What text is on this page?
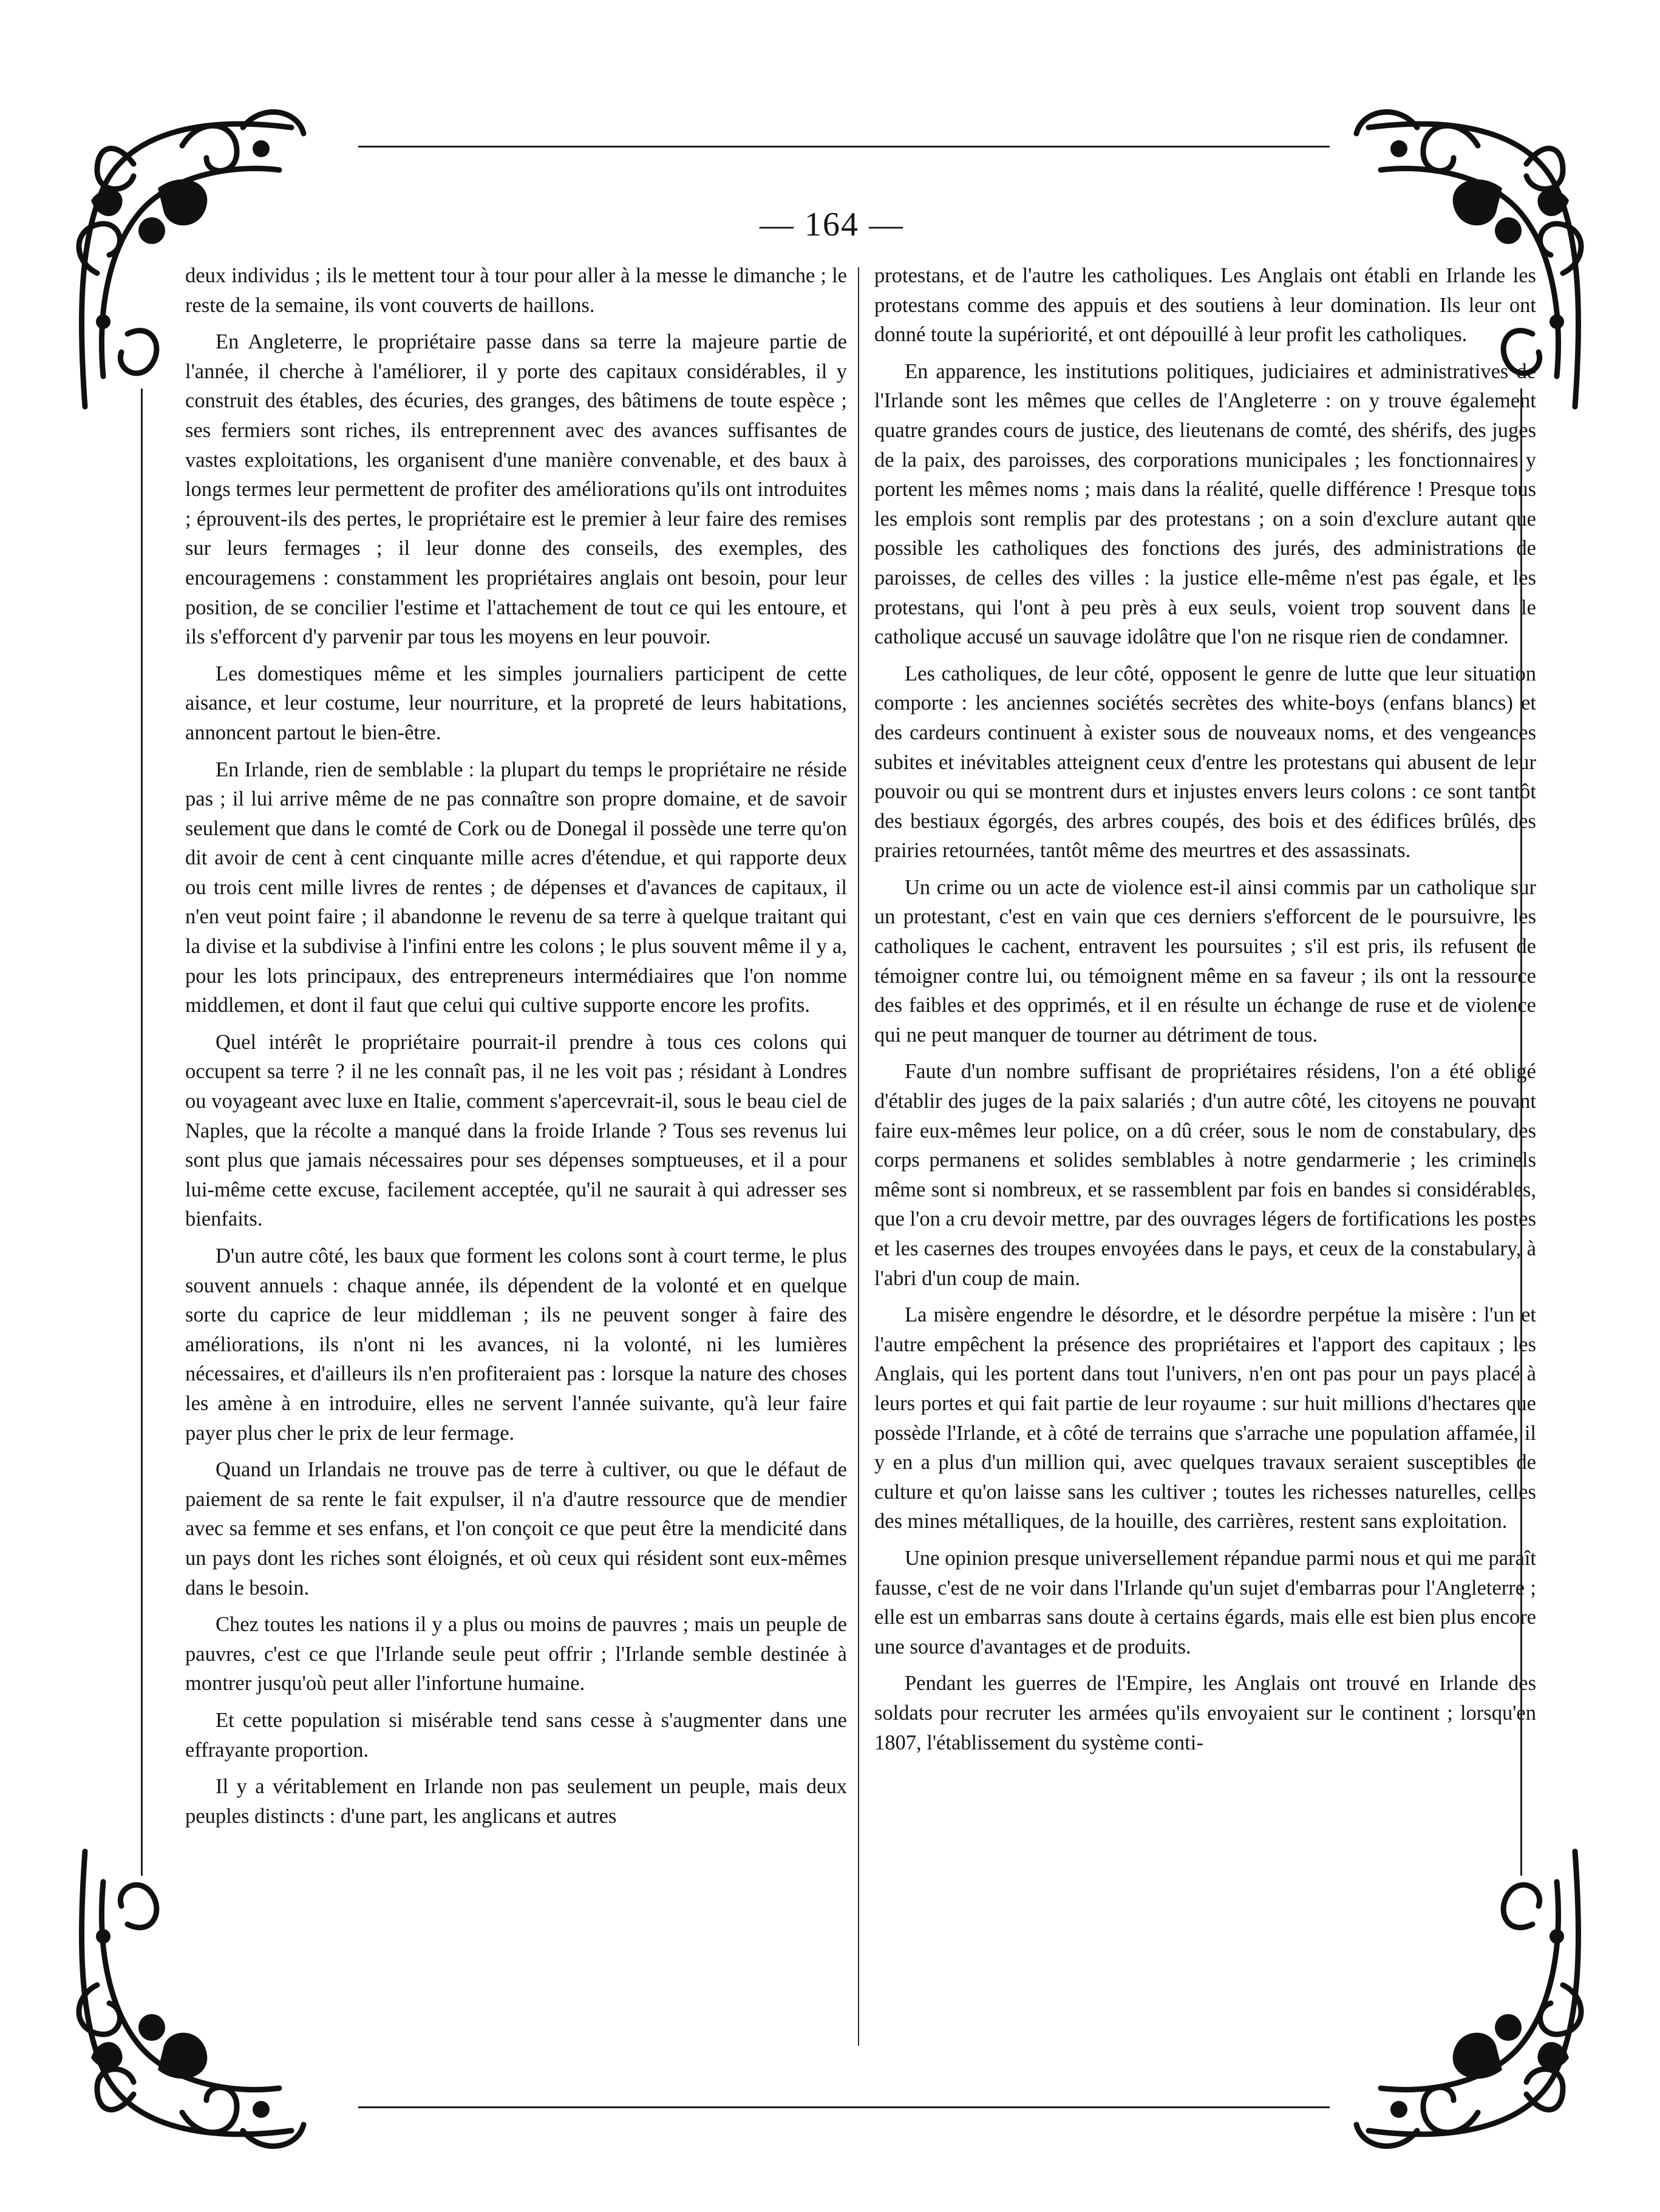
— 164 —

deux individus ; ils le mettent tour à tour pour aller à la messe le dimanche ; le reste de la semaine, ils vont couverts de haillons.

En Angleterre, le propriétaire passe dans sa terre la majeure partie de l'année, il cherche à l'améliorer, il y porte des capitaux considérables, il y construit des étables, des écuries, des granges, des bâtimens de toute espèce ; ses fermiers sont riches, ils entreprennent avec des avances suffisantes de vastes exploitations, les organisent d'une manière convenable, et des baux à longs termes leur permettent de profiter des améliorations qu'ils ont introduites ; éprouvent-ils des pertes, le propriétaire est le premier à leur faire des remises sur leurs fermages ; il leur donne des conseils, des exemples, des encouragemens : constamment les propriétaires anglais ont besoin, pour leur position, de se concilier l'estime et l'attachement de tout ce qui les entoure, et ils s'efforcent d'y parvenir par tous les moyens en leur pouvoir.

Les domestiques même et les simples journaliers participent de cette aisance, et leur costume, leur nourriture, et la propreté de leurs habitations, annoncent partout le bien-être.

En Irlande, rien de semblable : la plupart du temps le propriétaire ne réside pas ; il lui arrive même de ne pas connaître son propre domaine, et de savoir seulement que dans le comté de Cork ou de Donegal il possède une terre qu'on dit avoir de cent à cent cinquante mille acres d'étendue, et qui rapporte deux ou trois cent mille livres de rentes ; de dépenses et d'avances de capitaux, il n'en veut point faire ; il abandonne le revenu de sa terre à quelque traitant qui la divise et la subdivise à l'infini entre les colons ; le plus souvent même il y a, pour les lots principaux, des entrepreneurs intermédiaires que l'on nomme middlemen, et dont il faut que celui qui cultive supporte encore les profits.

Quel intérêt le propriétaire pourrait-il prendre à tous ces colons qui occupent sa terre ? il ne les connaît pas, il ne les voit pas ; résidant à Londres ou voyageant avec luxe en Italie, comment s'apercevrait-il, sous le beau ciel de Naples, que la récolte a manqué dans la froide Irlande ? Tous ses revenus lui sont plus que jamais nécessaires pour ses dépenses somptueuses, et il a pour lui-même cette excuse, facilement acceptée, qu'il ne saurait à qui adresser ses bienfaits.

D'un autre côté, les baux que forment les colons sont à court terme, le plus souvent annuels : chaque année, ils dépendent de la volonté et en quelque sorte du caprice de leur middleman ; ils ne peuvent songer à faire des améliorations, ils n'ont ni les avances, ni la volonté, ni les lumières nécessaires, et d'ailleurs ils n'en profiteraient pas : lorsque la nature des choses les amène à en introduire, elles ne servent l'année suivante, qu'à leur faire payer plus cher le prix de leur fermage.

Quand un Irlandais ne trouve pas de terre à cultiver, ou que le défaut de paiement de sa rente le fait expulser, il n'a d'autre ressource que de mendier avec sa femme et ses enfans, et l'on conçoit ce que peut être la mendicité dans un pays dont les riches sont éloignés, et où ceux qui résident sont eux-mêmes dans le besoin.

Chez toutes les nations il y a plus ou moins de pauvres ; mais un peuple de pauvres, c'est ce que l'Irlande seule peut offrir ; l'Irlande semble destinée à montrer jusqu'où peut aller l'infortune humaine.

Et cette population si misérable tend sans cesse à s'augmenter dans une effrayante proportion.

Il y a véritablement en Irlande non pas seulement un peuple, mais deux peuples distincts : d'une part, les anglicans et autres

protestans, et de l'autre les catholiques. Les Anglais ont établi en Irlande les protestans comme des appuis et des soutiens à leur domination. Ils leur ont donné toute la supériorité, et ont dépouillé à leur profit les catholiques.

En apparence, les institutions politiques, judiciaires et administratives de l'Irlande sont les mêmes que celles de l'Angleterre : on y trouve également quatre grandes cours de justice, des lieutenans de comté, des shérifs, des juges de la paix, des paroisses, des corporations municipales ; les fonctionnaires y portent les mêmes noms ; mais dans la réalité, quelle différence ! Presque tous les emplois sont remplis par des protestans ; on a soin d'exclure autant que possible les catholiques des fonctions des jurés, des administrations de paroisses, de celles des villes : la justice elle-même n'est pas égale, et les protestans, qui l'ont à peu près à eux seuls, voient trop souvent dans le catholique accusé un sauvage idolâtre que l'on ne risque rien de condamner.

Les catholiques, de leur côté, opposent le genre de lutte que leur situation comporte : les anciennes sociétés secrètes des white-boys (enfans blancs) et des cardeurs continuent à exister sous de nouveaux noms, et des vengeances subites et inévitables atteignent ceux d'entre les protestans qui abusent de leur pouvoir ou qui se montrent durs et injustes envers leurs colons : ce sont tantôt des bestiaux égorgés, des arbres coupés, des bois et des édifices brûlés, des prairies retournées, tantôt même des meurtres et des assassinats.

Un crime ou un acte de violence est-il ainsi commis par un catholique sur un protestant, c'est en vain que ces derniers s'efforcent de le poursuivre, les catholiques le cachent, entravent les poursuites ; s'il est pris, ils refusent de témoigner contre lui, ou témoignent même en sa faveur ; ils ont la ressource des faibles et des opprimés, et il en résulte un échange de ruse et de violence qui ne peut manquer de tourner au détriment de tous.

Faute d'un nombre suffisant de propriétaires résidens, l'on a été obligé d'établir des juges de la paix salariés ; d'un autre côté, les citoyens ne pouvant faire eux-mêmes leur police, on a dû créer, sous le nom de constabulary, des corps permanens et solides semblables à notre gendarmerie ; les criminels même sont si nombreux, et se rassemblent par fois en bandes si considérables, que l'on a cru devoir mettre, par des ouvrages légers de fortifications les postes et les casernes des troupes envoyées dans le pays, et ceux de la constabulary, à l'abri d'un coup de main.

La misère engendre le désordre, et le désordre perpétue la misère : l'un et l'autre empêchent la présence des propriétaires et l'apport des capitaux ; les Anglais, qui les portent dans tout l'univers, n'en ont pas pour un pays placé à leurs portes et qui fait partie de leur royaume : sur huit millions d'hectares que possède l'Irlande, et à côté de terrains que s'arrache une population affamée, il y en a plus d'un million qui, avec quelques travaux seraient susceptibles de culture et qu'on laisse sans les cultiver ; toutes les richesses naturelles, celles des mines métalliques, de la houille, des carrières, restent sans exploitation.

Une opinion presque universellement répandue parmi nous et qui me paraît fausse, c'est de ne voir dans l'Irlande qu'un sujet d'embarras pour l'Angleterre ; elle est un embarras sans doute à certains égards, mais elle est bien plus encore une source d'avantages et de produits.

Pendant les guerres de l'Empire, les Anglais ont trouvé en Irlande des soldats pour recruter les armées qu'ils envoyaient sur le continent ; lorsqu'en 1807, l'établissement du système conti-
